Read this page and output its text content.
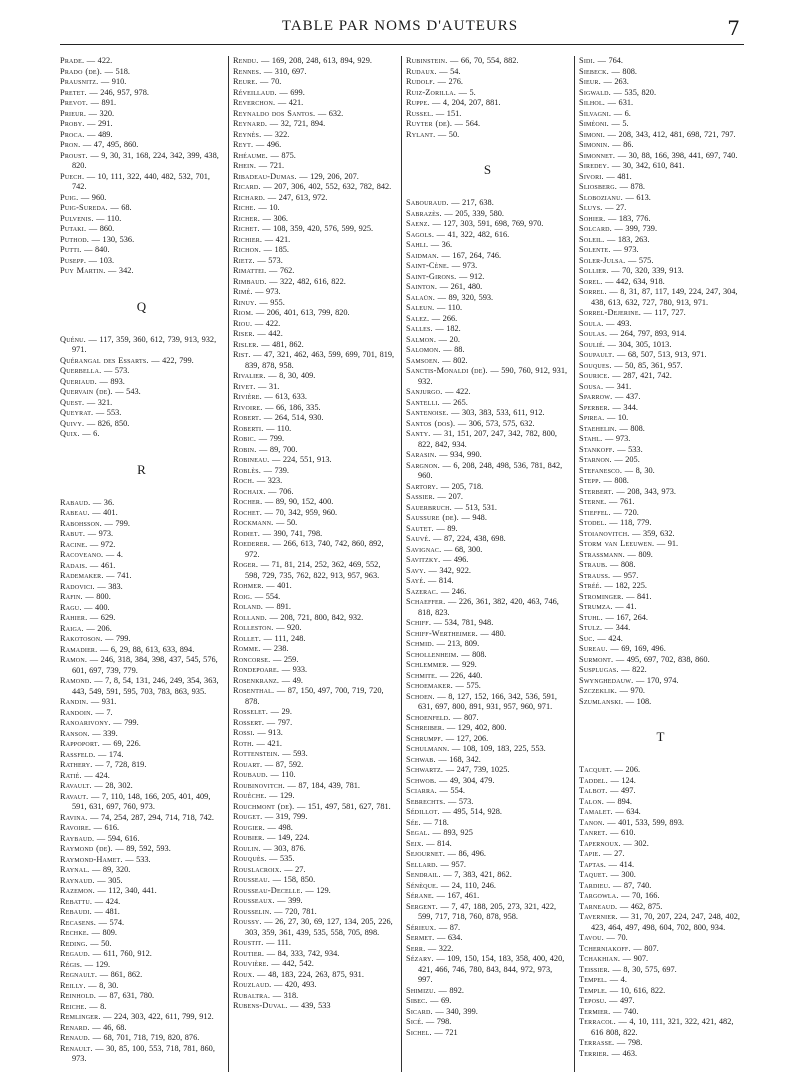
TABLE PAR NOMS D'AUTEURS	7
Prade. — 422.
Prado (de). — 518.
Prausnitz. — 910.
Pretet. — 246, 957, 978.
Prevot. — 891.
Prieur. — 320.
Proby. — 291.
Proca. — 489.
Pron. — 47, 495, 860.
Proust. — 9, 30, 31, 168, 224, 342, 399, 438, 820.
Puech. — 10, 111, 322, 440, 482, 532, 701, 742.
Puig. — 960.
Puig-Sureda. — 68.
Pulvenis. — 110.
Putaki. — 860.
Puthod. — 130, 536.
Putti. — 840.
Pusepp. — 103.
Puy Martin. — 342.
Q
Quénu. — 117, 359, 360, 612, 739, 913, 932, 971.
Quérangal des Essarts. — 422, 799.
Querbella. — 573.
Queriaud. — 893.
Quervain (de). — 543.
Quest. — 321.
Queyrat. — 553.
Quivy. — 826, 850.
Quix. — 6.
R
Rabaud. — 36.
Rabeau. — 401.
Rabohsson. — 799.
Rabut. — 973.
Racine. — 972.
Racoveano. — 4.
Radais. — 461.
Rademaker. — 741.
Radovici. — 383.
Rafin. — 800.
Ragu. — 400.
Rahier. — 629.
Raiga. — 206.
Rakotoson. — 799.
Ramadier. — 6, 29, 88, 613, 633, 894.
Ramon. — 246, 318, 384, 398, 437, 545, 576, 601, 697, 739, 779.
Ramond. — 7, 8, 54, 131, 246, 249, 354, 363, 443, 549, 591, 595, 703, 783, 863, 935.
Randin. — 931.
Randoin. — 7.
Ranoarivony. — 799.
Ranson. — 339.
Rappoport. — 69, 226.
Rassfeld. — 174.
Rathery. — 7, 728, 819.
Ratié. — 424.
Ravault. — 28, 302.
Ravaut. — 7, 110, 148, 166, 205, 401, 409, 591, 631, 697, 760, 973.
Ravina. — 74, 254, 287, 294, 714, 718, 742.
Ravoire. — 616.
Raybaud. — 594, 616.
Raymond (de). — 89, 592, 593.
Raymond-Hamet. — 533.
Raynal. — 89, 320.
Raynaud. — 305.
Razemon. — 112, 340, 441.
Rebattu. — 424.
Rebaudi. — 481.
Recasens. — 574.
Rechke. — 809.
Reding. — 50.
Regaud. — 611, 760, 912.
Régis. — 129.
Regnault. — 861, 862.
Reilly. — 8, 30.
Reinhold. — 87, 631, 780.
Reiche. — 8.
Remlinger. — 224, 303, 422, 611, 799, 912.
Renard. — 46, 68.
Renaud. — 68, 701, 718, 719, 820, 876.
Renault. — 30, 85, 100, 553, 718, 781, 860, 973.
Rendu. — 169, 208, 248, 613, 894, 929.
Rennes. — 310, 697.
Reure. — 70.
Réveillaud. — 699.
Reverchon. — 421.
Reynaldo dos Santos. — 632.
Reynard. — 32, 721, 894.
Reynès. — 322.
Reyt. — 496.
Rhéaume. — 875.
Rhein. — 721.
Ribadeau-Dumas. — 129, 206, 207.
Ricard. — 207, 306, 402, 552, 632, 782, 842.
Richard. — 247, 613, 972.
Riche. — 10.
Richer. — 306.
Richet. — 108, 359, 420, 576, 599, 925.
Richier. — 421.
Richon. — 185.
Rietz. — 573.
Rimattei. — 762.
Rimbaud. — 322, 482, 616, 822.
Rimé. — 973.
Rinuy. — 955.
Riom. — 206, 401, 613, 799, 820.
Riou. — 422.
Riser. — 442.
Risler. — 481, 862.
Rist. — 47, 321, 462, 463, 599, 699, 701, 819, 839, 878, 958.
Rivalier. — 8, 30, 409.
Rivet. — 31.
Rivière. — 613, 633.
Rivoire. — 66, 186, 335.
Robert. — 264, 514, 930.
Roberti. — 110.
Robic. — 799.
Robin. — 89, 700.
Robineau. — 224, 551, 913.
Roblès. — 739.
Roch. — 323.
Rochaix. — 706.
Rocher. — 89, 90, 152, 400.
Rochet. — 70, 342, 959, 960.
Rockmann. — 50.
Rodiet. — 390, 741, 798.
Roederer. — 266, 613, 740, 742, 860, 892, 972.
Roger. — 71, 81, 214, 252, 362, 469, 552, 598, 729, 735, 762, 822, 913, 957, 963.
Rohmer. — 401.
Roig. — 554.
Roland. — 891.
Rolland. — 208, 721, 800, 842, 932.
Rolleston. — 920.
Rollet. — 111, 248.
Romme. — 238.
Roncorse. — 259.
Rondepoare. — 933.
Rosenkranz. — 49.
Rosenthal. — 87, 150, 497, 700, 719, 720, 878.
Rosselet. — 29.
Rossert. — 797.
Rossi. — 913.
Roth. — 421.
Rottenstein. — 593.
Rouart. — 87, 592.
Roubaud. — 110.
Roubinovitch. — 87, 184, 439, 781.
Rouèche. — 129.
Rouchmont (de). — 151, 497, 581, 627, 781.
Rouget. — 319, 799.
Rougier. — 498.
Roubier. — 149, 224.
Roulin. — 303, 876.
Rouquès. — 535.
Rouslacroix. — 27.
Rousseau. — 158, 850.
Rousseau-Decelle. — 129.
Rousseaux. — 399.
Rousselin. — 720, 781.
Roussy. — 26, 27, 30, 69, 127, 134, 205, 226, 303, 359, 361, 439, 535, 558, 705, 898.
Roustit. — 111.
Routier. — 84, 333, 742, 934.
Rouvière. — 442, 542.
Roux. — 48, 183, 224, 263, 875, 931.
Rouzlaud. — 420, 493.
Rubaltra. — 318.
Rubens-Duval. — 439, 533
Rubinstein. — 66, 70, 554, 882.
Rudaux. — 54.
Rudolf. — 276.
Ruiz-Zorilla. — 5.
Ruppe. — 4, 204, 207, 881.
Russel. — 151.
Ruyter (de). — 564.
Rylant. — 50.
S
Sabouraud. — 217, 638.
Sabrazès. — 205, 339, 580.
Saenz. — 127, 303, 591, 698, 769, 970.
Sagols. — 41, 322, 482, 616.
Sahli. — 36.
Saidman. — 167, 264, 746.
Saint-Cène. — 973.
Saint-Girons. — 912.
Sainton. — 261, 480.
Salaün. — 89, 320, 593.
Saleun. — 110.
Salez. — 266.
Salles. — 182.
Salmon. — 20.
Salomon. — 88.
Samsoen. — 802.
Sanctis-Monaldi (de). — 590, 760, 912, 931, 932.
Sanjurgo. — 422.
Santelli. — 265.
Santenoise. — 303, 383, 533, 611, 912.
Santos (dos). — 306, 573, 575, 632.
Santy. — 31, 151, 207, 247, 342, 782, 800, 822, 842, 934.
Sarasin. — 934, 990.
Sargnon. — 6, 208, 248, 498, 536, 781, 842, 960.
Sartory. — 205, 718.
Sassier. — 207.
Sauerbruch. — 513, 531.
Saussure (de). — 948.
Sautet. — 89.
Sauvé. — 87, 224, 438, 698.
Savignac. — 68, 300.
Savitzky. — 496.
Savy. — 342, 922.
Sayé. — 814.
Sazerac. — 246.
Schaeffer. — 226, 361, 382, 420, 463, 746, 818, 823.
Schiff. — 534, 781, 948.
Schiff-Wertheimer. — 480.
Schmid. — 213, 809.
Schollenheim. — 808.
Schlemmer. — 929.
Schmite. — 226, 440.
Schoemaker. — 575.
Schoen. — 8, 127, 152, 166, 342, 536, 591, 631, 697, 800, 891, 931, 957, 960, 971.
Schoenfeld. — 807.
Schreiber. — 129, 402, 800.
Schrumpf. — 127, 206.
Schulmann. — 108, 109, 183, 225, 553.
Schwab. — 168, 342.
Schwartz. — 247, 739, 1025.
Schwob. — 49, 304, 479.
Sciarra. — 554.
Sebrechts. — 573.
Sédillot. — 495, 514, 928.
Sée. — 718.
Segal. — 893, 925
Seix. — 814.
Sejournet. — 86, 496.
Sellard. — 957.
Sendrail. — 7, 383, 421, 862.
Sénèque. — 24, 110, 246.
Sérane. — 167, 461.
Sergent. — 7, 47, 188, 205, 273, 321, 422, 599, 717, 718, 760, 878, 958.
Sérieux. — 87.
Sermet. — 634.
Serr. — 322.
Sézary. — 109, 150, 154, 183, 358, 400, 420, 421, 466, 746, 780, 843, 844, 972, 973, 997.
Shimizu. — 892.
Sibec. — 69.
Sicard. — 340, 399.
Sicé. — 798.
Sichel. — 721
Sidi. — 764.
Siebeck. — 808.
Sieur. — 263.
Sigwald. — 535, 820.
Silhol. — 631.
Silvagni. — 6.
Siméoni. — 5.
Simoni. — 208, 343, 412, 481, 698, 721, 797.
Simonin. — 86.
Simonnet. — 30, 88, 166, 398, 441, 697, 740.
Siredey. — 30, 342, 610, 841.
Sivori. — 481.
Sliosberg. — 878.
Slobozianu. — 613.
Sluys. — 27.
Sohier. — 183, 776.
Solcard. — 399, 739.
Soleil. — 183, 263.
Solente. — 973.
Soler-Julsa. — 575.
Sollier. — 70, 320, 339, 913.
Sorel. — 442, 634, 918.
Sorrel. — 8, 31, 87, 117, 149, 224, 247, 304, 438, 613, 632, 727, 780, 913, 971.
Sorrel-Dejerine. — 117, 727.
Soula. — 493.
Soulas. — 264, 797, 893, 914.
Soulié. — 304, 305, 1013.
Soupault. — 68, 507, 513, 913, 971.
Souques. — 50, 85, 361, 957.
Sourice. — 287, 421, 742.
Sousa. — 341.
Sparrow. — 437.
Sperber. — 344.
Spirea. — 10.
Staehelin. — 808.
Stahl. — 973.
Stankoff. — 533.
Starnon. — 205.
Stefanesco. — 8, 30.
Stepp. — 808.
Sterbert. — 208, 343, 973.
Sterne. — 761.
Stieffel. — 720.
Stodel. — 118, 779.
Stoianovitch. — 359, 632.
Storm van Leeuwen. — 91.
Strassmann. — 809.
Straub. — 808.
Strauss. — 957.
Stréé. — 182, 225.
Strominger. — 841.
Strumza. — 41.
Stuhl. — 167, 264.
Stulz. — 344.
Suc. — 424.
Sureau. — 69, 169, 496.
Surmont. — 495, 697, 702, 838, 860.
Susplugas. — 822.
Swynghedauw. — 170, 974.
Szczeklik. — 970.
Szumlanski. — 108.
T
Tacquet. — 206.
Taddel. — 124.
Talbot. — 497.
Talon. — 894.
Tamalet. — 634.
Tanon. — 401, 533, 599, 893.
Tanret. — 610.
Tapernoux. — 302.
Tapie. — 27.
Taptas. — 414.
Taquet. — 300.
Tardieu. — 87, 740.
Targowla. — 70, 166.
Tarneaud. — 462, 875.
Tavernier. — 31, 70, 207, 224, 247, 248, 402, 423, 464, 497, 498, 604, 702, 800, 934.
Tavou. — 70.
Tcherniakoff. — 807.
Tchakhian. — 907.
Teissier. — 8, 30, 575, 697.
Tempel. — 4.
Temple. — 10, 616, 822.
Teposu. — 497.
Termier. — 740.
Terracol. — 4, 10, 111, 321, 322, 421, 482, 616 808, 822.
Terrasse. — 798.
Terrier. — 463.
